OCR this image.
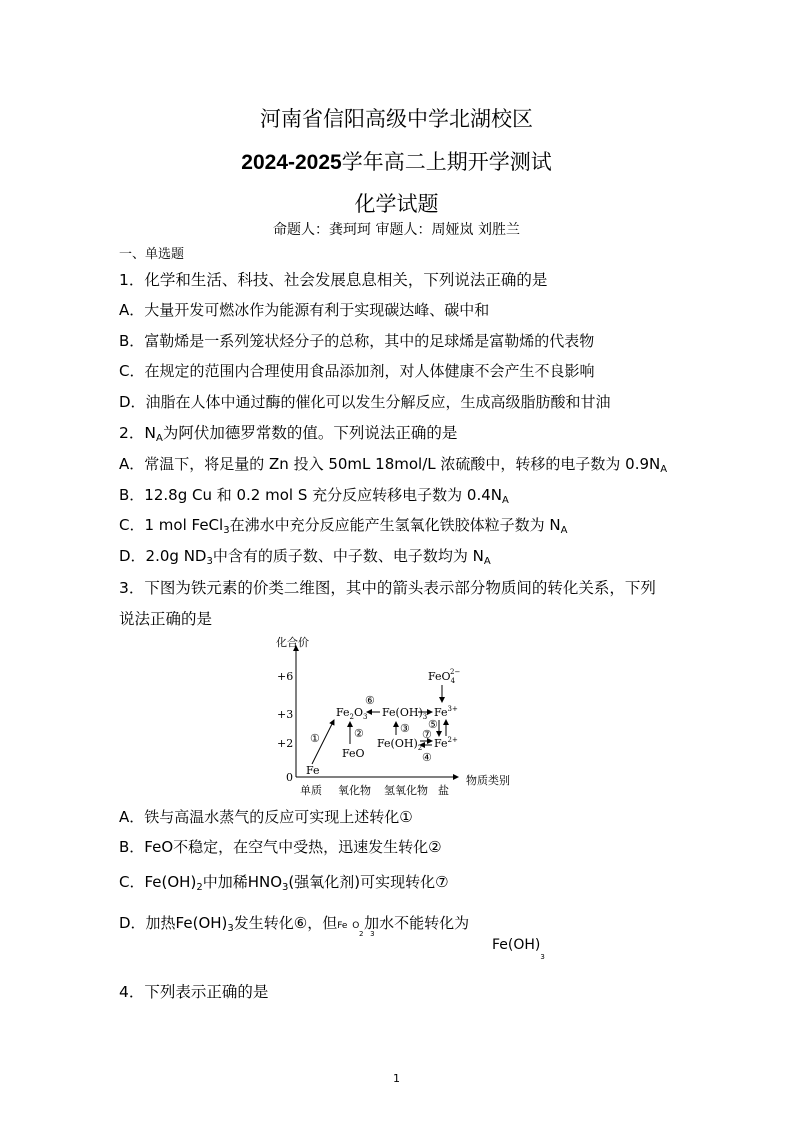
河南省信阳高级中学北湖校区
2024-2025学年高二上期开学测试
化学试题
命题人：龚珂珂 审题人：周娅岚 刘胜兰
一、单选题
1．化学和生活、科技、社会发展息息相关，下列说法正确的是
A．大量开发可燃冰作为能源有利于实现碳达峰、碳中和
B．富勒烯是一系列笼状烃分子的总称，其中的足球烯是富勒烯的代表物
C．在规定的范围内合理使用食品添加剂，对人体健康不会产生不良影响
D．油脂在人体中通过酶的催化可以发生分解反应，生成高级脂肪酸和甘油
2．$N_A$为阿伏加德罗常数的值。下列说法正确的是
A．常温下，将足量的 Zn 投入 50mL 18mol/L 浓硫酸中，转移的电子数为 $0.9N_A$
B．12.8g Cu 和 0.2 mol S 充分反应转移电子数为 $0.4N_A$
C．1 mol FeCl$_3$在沸水中充分反应能产生氢氧化铁胶体粒子数为 $N_A$
D．2.0g $ND_3$中含有的质子数、中子数、电子数均为 $N_A$
3．下图为铁元素的价类二维图，其中的箭头表示部分物质间的转化关系，下列
说法正确的是
化合价
物质类别
+6
+3
+2
0
单质 氧化物 氢氧化物 盐
Fe
FeO
$Fe_2O_3$ $Fe(OH)_3$
$Fe(OH)_2$
$Fe^{3+}$
$Fe^{2+}$
FeO$_4$2−
①	②	③
④
⑤
⑥
⑦
A．铁与高温水蒸气的反应可实现上述转化①
B．FeO不稳定，在空气中受热，迅速发生转化②
C．$Fe(OH)_2$中加稀$HNO_3$(强氧化剂)可实现转化⑦
D．加热$Fe(OH)_3$发生转化⑥，但Fe O 加水不能转化为
2 3
$Fe(OH)_3$
4．下列表示正确的是
1
